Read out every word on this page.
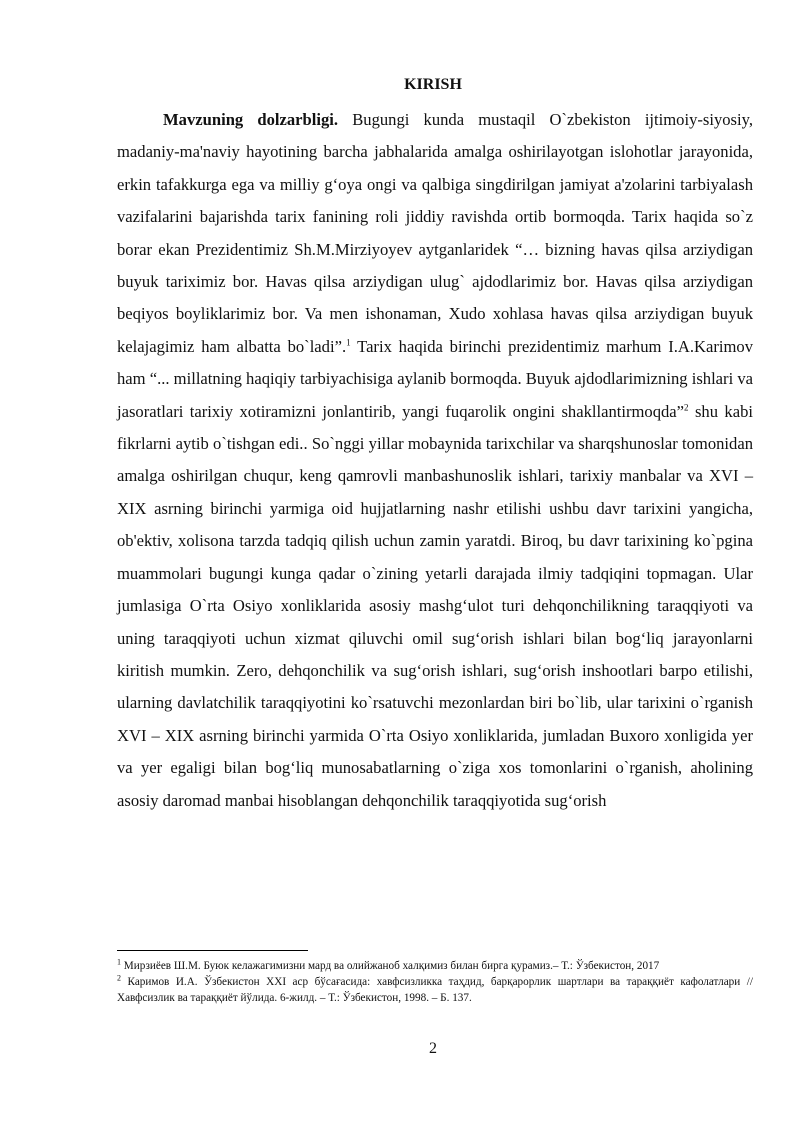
KIRISH

Mavzuning dolzarbligi. Bugungi kunda mustaqil O`zbekiston ijtimoiy-siyosiy, madaniy-ma'naviy hayotining barcha jabhalarida amalga oshirilayotgan islohotlar jarayonida, erkin tafakkurga ega va milliy g‘oya ongi va qalbiga singdirilgan jamiyat a'zolarini tarbiyalash vazifalarini bajarishda tarix fanining roli jiddiy ravishda ortib bormoqda. Tarix haqida so`z borar ekan Prezidentimiz Sh.M.Mirziyoyev aytganlaridek “… bizning havas qilsa arziydigan buyuk tariximiz bor. Havas qilsa arziydigan ulug` ajdodlarimiz bor. Havas qilsa arziydigan beqiyos boyliklarimiz bor. Va men ishonaman, Xudo xohlasa havas qilsa arziydigan buyuk kelajagimiz ham albatta bo`ladi”.$^1$ Tarix haqida birinchi prezidentimiz marhum I.A.Karimov ham “... millatning haqiqiy tarbiyachisiga aylanib bormoqda. Buyuk ajdodlarimizning ishlari va jasoratlari tarixiy xotiramizni jonlantirib, yangi fuqarolik ongini shakllantirmoqda”$^2$ shu kabi fikrlarni aytib o`tishgan edi.. So`nggi yillar mobaynida tarixchilar va sharqshunoslar tomonidan amalga oshirilgan chuqur, keng qamrovli manbashunoslik ishlari, tarixiy manbalar va XVI – XIX asrning birinchi yarmiga oid hujjatlarning nashr etilishi ushbu davr tarixini yangicha, ob'ektiv, xolisona tarzda tadqiq qilish uchun zamin yaratdi. Biroq, bu davr tarixining ko`pgina muammolari bugungi kunga qadar o`zining yetarli darajada ilmiy tadqiqini topmagan. Ular jumlasiga O`rta Osiyo xonliklarida asosiy mashg‘ulot turi dehqonchilikning taraqqiyoti va uning taraqqiyoti uchun xizmat qiluvchi omil sug‘orish ishlari bilan bog‘liq jarayonlarni kiritish mumkin. Zero, dehqonchilik va sug‘orish ishlari, sug‘orish inshootlari barpo etilishi, ularning davlatchilik taraqqiyotini ko`rsatuvchi mezonlardan biri bo`lib, ular tarixini o`rganish XVI – XIX asrning birinchi yarmida O`rta Osiyo xonliklarida, jumladan Buxoro xonligida yer va yer egaligi bilan bog‘liq munosabatlarning o`ziga xos tomonlarini o`rganish, aholining asosiy daromad manbai hisoblangan dehqonchilik taraqqiyotida sug‘orish

$^1$ Мирзиёев Ш.М. Буюк келажагимизни мард ва олийжаноб халқимиз билан бирга қурамиз.– Т.: Ўзбекистон, 2017

$^2$ Каримов И.А. Ўзбекистон XXI аср бўсағасида: хавфсизликка таҳдид, барқарорлик шартлари ва тараққиёт кафолатлари // Хавфсизлик ва тараққиёт йўлида. 6-жилд. – Т.: Ўзбекистон, 1998. – Б. 137.

2
